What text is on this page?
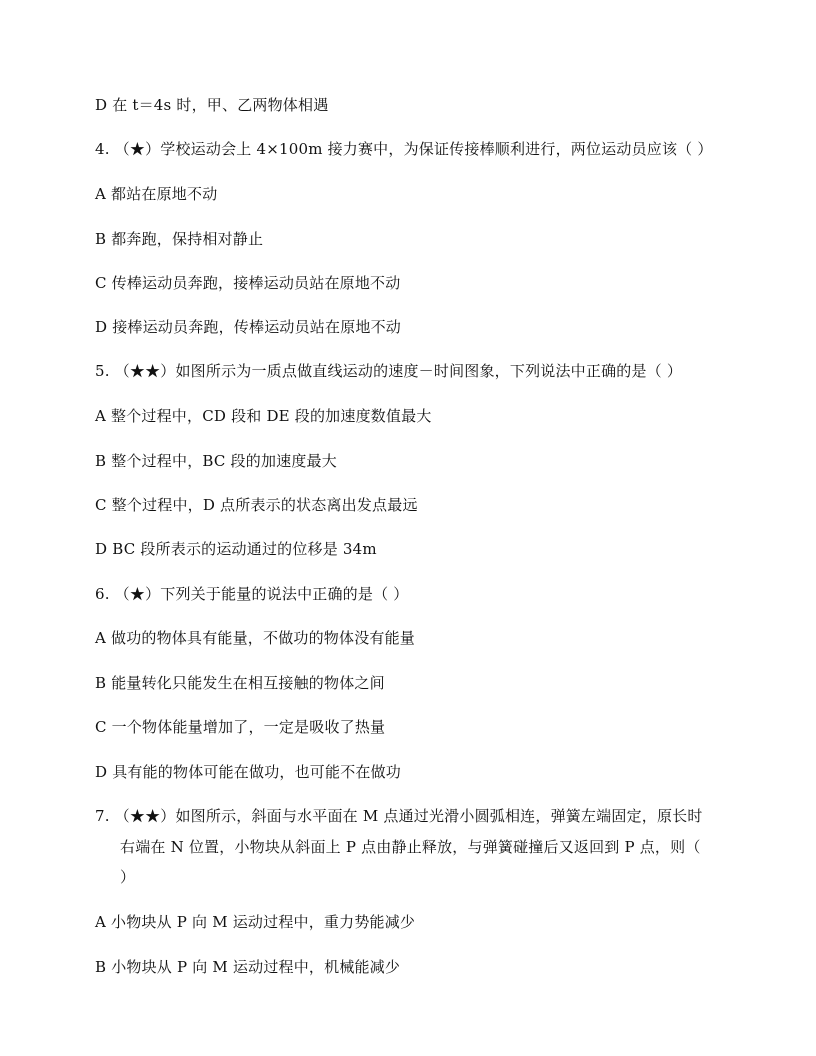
D 在 t＝4s 时，甲、乙两物体相遇
4. （★）学校运动会上 4×100m 接力赛中，为保证传接棒顺利进行，两位运动员应该（ ）
A 都站在原地不动
B 都奔跑，保持相对静止
C 传棒运动员奔跑，接棒运动员站在原地不动
D 接棒运动员奔跑，传棒运动员站在原地不动
5. （★★）如图所示为一质点做直线运动的速度－时间图象，下列说法中正确的是（ ）
A 整个过程中，CD 段和 DE 段的加速度数值最大
B 整个过程中，BC 段的加速度最大
C 整个过程中，D 点所表示的状态离出发点最远
D BC 段所表示的运动通过的位移是 34m
6. （★）下列关于能量的说法中正确的是（ ）
A 做功的物体具有能量，不做功的物体没有能量
B 能量转化只能发生在相互接触的物体之间
C 一个物体能量增加了，一定是吸收了热量
D 具有能的物体可能在做功，也可能不在做功
7. （★★）如图所示，斜面与水平面在 M 点通过光滑小圆弧相连，弹簧左端固定，原长时
右端在 N 位置，小物块从斜面上 P 点由静止释放，与弹簧碰撞后又返回到 P 点，则（
）
A 小物块从 P 向 M 运动过程中，重力势能减少
B 小物块从 P 向 M 运动过程中，机械能减少
